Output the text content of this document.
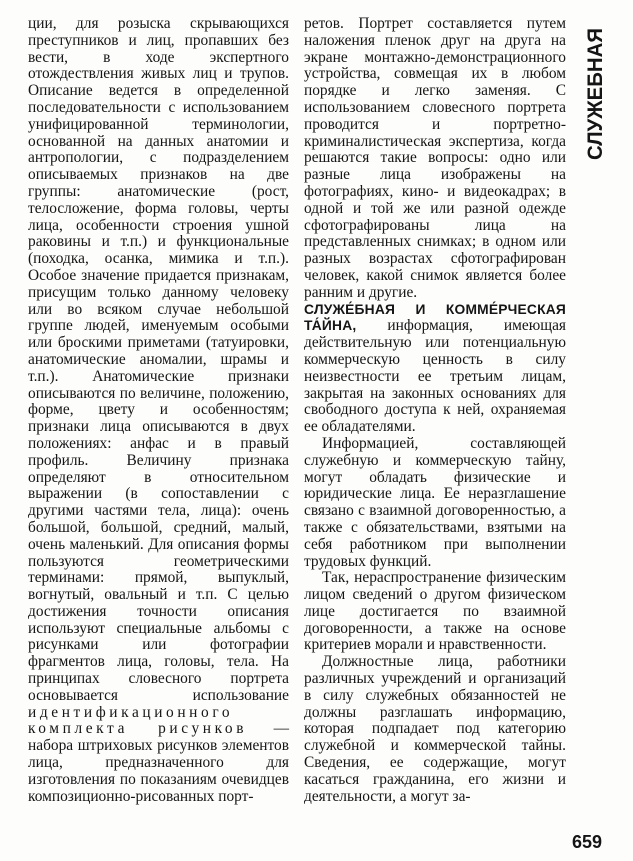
ции, для розыска скрывающихся преступников и лиц, пропавших без вести, в ходе экспертного отождествления живых лиц и трупов. Описание ведется в определенной последовательности с использованием унифицированной терминологии, основанной на данных анатомии и антропологии, с подразделением описываемых признаков на две группы: анатомические (рост, телосложение, форма головы, черты лица, особенности строения ушной раковины и т.п.) и функциональные (походка, осанка, мимика и т.п.). Особое значение придается признакам, присущим только данному человеку или во всяком случае небольшой группе людей, именуемым особыми или броскими приметами (татуировки, анатомические аномалии, шрамы и т.п.). Анатомические признаки описываются по величине, положению, форме, цвету и особенностям; признаки лица описываются в двух положениях: анфас и в правый профиль. Величину признака определяют в относительном выражении (в сопоставлении с другими частями тела, лица): очень большой, большой, средний, малый, очень маленький. Для описания формы пользуются геометрическими терминами: прямой, выпуклый, вогнутый, овальный и т.п. С целью достижения точности описания используют специальные альбомы с рисунками или фотографии фрагментов лица, головы, тела. На принципах словесного портрета основывается использование идентификационного комплекта рисунков — набора штриховых рисунков элементов лица, предназначенного для изготовления по показаниям очевидцев композиционно-рисованных порт-

ретов. Портрет составляется путем наложения пленок друг на друга на экране монтажно-демонстрационного устройства, совмещая их в любом порядке и легко заменяя. С использованием словесного портрета проводится и портретно-криминалистическая экспертиза, когда решаются такие вопросы: одно или разные лица изображены на фотографиях, кино- и видеокадрах; в одной и той же или разной одежде сфотографированы лица на представленных снимках; в одном или разных возрастах сфотографирован человек, какой снимок является более ранним и другие.

СЛУЖЕ́БНАЯ И КОММЕ́РЧЕСКАЯ ТА́ЙНА, информация, имеющая действительную или потенциальную коммерческую ценность в силу неизвестности ее третьим лицам, закрытая на законных основаниях для свободного доступа к ней, охраняемая ее обладателями.

Информацией, составляющей служебную и коммерческую тайну, могут обладать физические и юридические лица. Ее неразглашение связано с взаимной договоренностью, а также с обязательствами, взятыми на себя работником при выполнении трудовых функций.

Так, нераспространение физическим лицом сведений о другом физическом лице достигается по взаимной договоренности, а также на основе критериев морали и нравственности.

Должностные лица, работники различных учреждений и организаций в силу служебных обязанностей не должны разглашать информацию, которая подпадает под категорию служебной и коммерческой тайны. Сведения, ее содержащие, могут касаться гражданина, его жизни и деятельности, а могут за-

СЛУЖЕБНАЯ
659
